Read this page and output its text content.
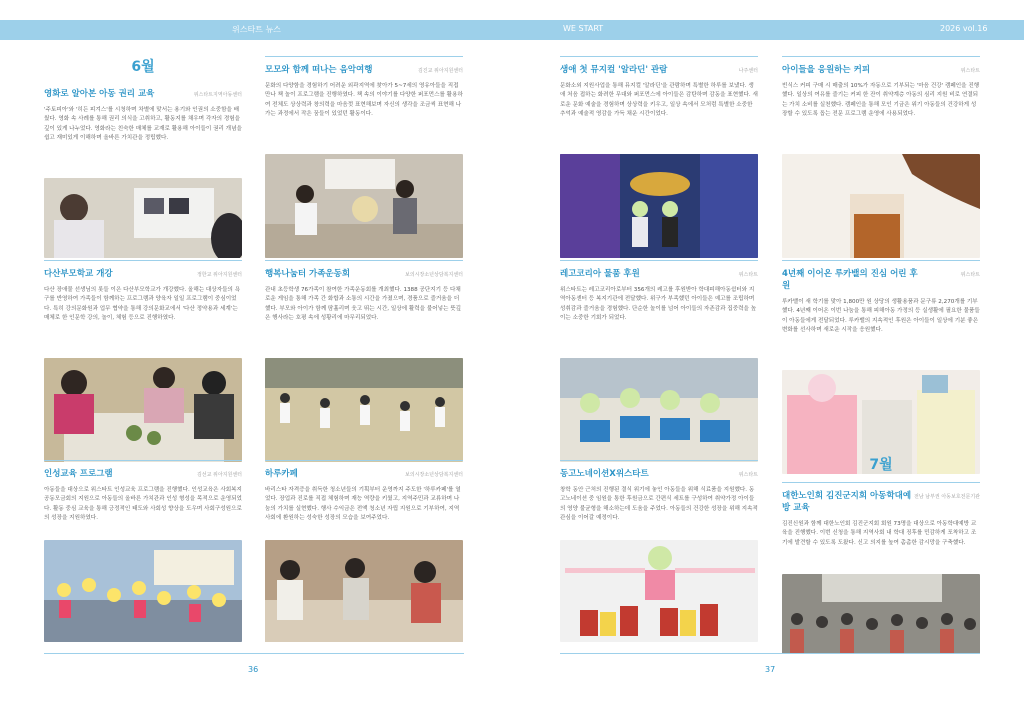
위스타트 뉴스	WE START	2026 vol.16
6월
영화로 알아본 아동 권리 교육	위스타트지역아동센터
'주토피아'와 '히든 피겨스'를 시청하며 차별에 맞서는 용기와 인권의 소중함을 배웠다. 영화 속 사례를 통해 권리 의식을 고취하고, 활동지를 채우며 각자의 경험을 깊이 있게 나누었다. 영화라는 친숙한 매체를 교재로 활용해 아이들이 권리 개념을 쉽고 재미있게 이해하며 올바른 가치관을 정립했다.
다산부모학교 개강	정한교 위아지원센터
다산 장애물 선생님의 롯들 이은 다산부모학교가 개강했다. 올해는 대상자들의 욕구를 반영하여 가족들이 함께하는 프로그램과 양육자 일일 프로그램이 중심이었다. 특히 강의문화원과 업무 협약을 통해 강의문화교에서 '다산 정약용과 세계'는 매체로 한 인문학 강의, 놀이, 체험 등으로 진행하였다.
인성교육 프로그램	김선교 위아지원센터
아동들을 대상으로 위스타트 인성교육 프로그램을 진행했다. 인성교육은 사회복지공동모금회의 지원으로 아동들의 올바른 가치관과 인성 형성을 목적으로 운영되었다. 활동 중심 교육을 통해 긍정적인 태도와 사회성 향상을 도우며 사회구성원으로의 성장을 지원하였다.
모모와 함께 떠나는 음악여행	김진교 위아지원센터
문화의 다양함을 경험하기 어려운 외곽지역에 찾아가 5~7세의 영유아들을 직접 만나 책 놀이 프로그램을 진행하였다. 책 속의 이야기를 다양한 퍼포먼스를 활용하여 전체도 상상력과 창의력을 마음껏 표현해보며 자신의 생각을 조금씩 표현해 나가는 과정에서 작은 꿈들이 있었던 활동이다.
행복나눔터 가족운동회	보의시장소년상담복지센터
관내 초등학생 76가족이 참여한 가족운동회를 개최했다. 1388 공단지기 등 다채로운 게임을 통해 가족 간 화합과 소통의 시간을 가졌으며, 경품으로 즐거움을 더했다. 부모와 아이가 함께 땀흘리며 웃고 뛰는 시간, 일상에 활력을 불어넣는 뜻깊은 행사라는 호평 속에 성황리에 마무리되었다.
하루카페	보의시장소년상담복지센터
바리스타 자격증을 취득한 청소년들의 기획부터 운영까지 주도한 '하루카페'를 열었다. 장업과 진로를 직접 체험하며 재능 역량을 키웠고, 지역주민과 교류하며 나눔의 가치를 실현했다. 행사 수익금은 전액 청소년 자립 지원으로 기부하여, 지역사회에 환원하는 성숙한 성장의 모습을 보여주었다.
36
생애 첫 뮤지컬 '알라딘' 관람	나주센터
문화소외 지원사업을 통해 뮤지컬 '알라딘'을 관람하며 특별한 하루를 보냈다. 생애 처음 접하는 화려한 무대와 퍼포먼스에 아이들은 감탄하며 감동을 표현했다. 새로운 문화 예술을 경험하며 상상력을 키우고, 일상 속에서 모처럼 특별한 소중한 추억과 예술적 영감을 가득 채운 시간이었다.
레고코리아 물품 후원	위스타트
위스타트는 레고코리아로부터 356개의 레고를 후원받아 학대피해아동쉼터와 지역아동센터 등 복지기관에 전달했다. 위구가 부족했던 아이들은 예고를 조립하며 성취감과 즐거움을 경험했다. 단순한 놀이를 넘어 아이들의 자존감과 집중력을 높이는 소중한 기회가 되었다.
동고노네이션X위스타트	위스타트
창학 동안 근처의 진행된 결식 위기에 놓인 아동들을 위해 식료품을 지원했다. 동고노네이션 중 임원을 통한 후원금으로 간편식 세트를 구성하여 취약가정 아이들의 영양 불균형을 해소하는데 도움을 주었다. 아동들의 건강한 성장을 위해 지속적 관심을 이어갈 예정이다.
아이들을 응원하는 커피	위스타트
빈식스 커피 구매 시 매출의 10%가 자동으로 기부되는 '마음 건강' 캠페인을 진행했다. 일상의 여유를 즐기는 커피 한 잔이 취약계층 아동의 심리 지원 비로 연결되는 가치 소비를 실천했다. 캠페인을 통해 모인 기금은 위기 아동들의 건강하게 성장할 수 있도록 돕는 전문 프로그램 운영에 사용되었다.
4년째 이어온 루카밸의 진심 어린 후원
위스타트
루카밸이 새 학기를 맞아 1,800만 원 상당의 생활용품과 문구류 2,270개를 기부했다. 4년째 이어온 이번 나눔을 통해 피해아동 가정의 등 실생활에 필요한 물품들이 아동들에게 전달되었다. 루카밸의 지속적인 후원은 아이들이 일상에 기분 좋은 변화를 선사하며 새로운 시작을 응원했다.
7월
대한노인회 김진군지회 아동학대예방 교육
전남 남부권 아동보호전문기관
김진신원과 함께 대한노인회 김진군지회 회원 73명을 대상으로 아동학대예방 교육을 진행했다. 이번 신청을 통해 지역사회 내 학대 징후를 민감하게 포착하고 조기에 발견할 수 있도록 도왔다. 신고 의지를 높여 촘촘한 감시망을 구축했다.
37
